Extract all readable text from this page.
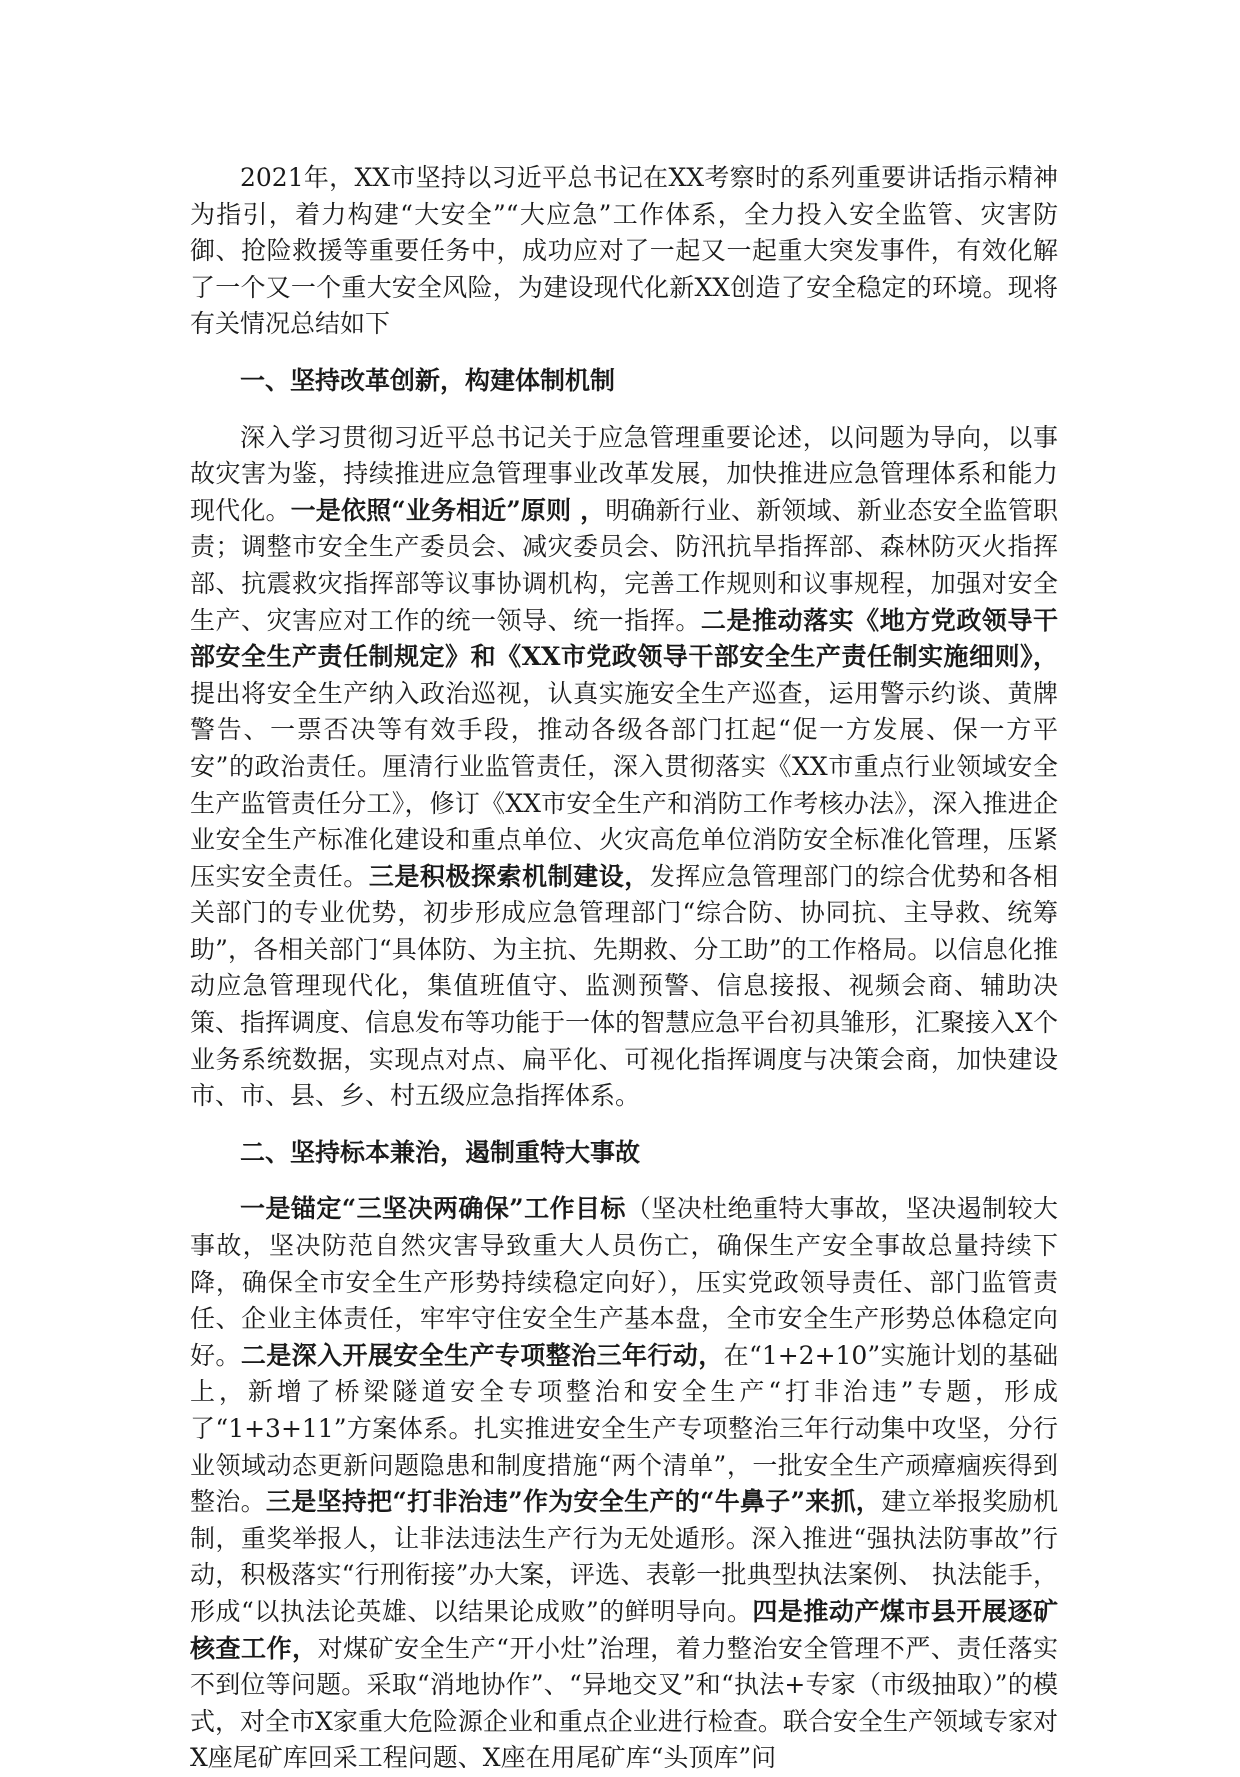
2021年，XX市坚持以习近平总书记在XX考察时的系列重要讲话指示精神为指引，着力构建“大安全”“大应急”工作体系，全力投入安全监管、灾害防御、抢险救援等重要任务中，成功应对了一起又一起重大突发事件，有效化解了一个又一个重大安全风险，为建设现代化新XX创造了安全稳定的环境。现将有关情况总结如下

一、坚持改革创新，构建体制机制

深入学习贯彻习近平总书记关于应急管理重要论述，以问题为导向，以事故灾害为鉴，持续推进应急管理事业改革发展，加快推进应急管理体系和能力现代化。一是依照“业务相近”原则 ，明确新行业、新领域、新业态安全监管职责；调整市安全生产委员会、减灾委员会、防汛抗旱指挥部、森林防灭火指挥部、抗震救灾指挥部等议事协调机构，完善工作规则和议事规程，加强对安全生产、灾害应对工作的统一领导、统一指挥。二是推动落实《地方党政领导干部安全生产责任制规定》和《XX市党政领导干部安全生产责任制实施细则》，提出将安全生产纳入政治巡视，认真实施安全生产巡查，运用警示约谈、黄牌警告、一票否决等有效手段，推动各级各部门扛起“促一方发展、保一方平安”的政治责任。厘清行业监管责任，深入贯彻落实《XX市重点行业领域安全生产监管责任分工》，修订《XX市安全生产和消防工作考核办法》，深入推进企业安全生产标准化建设和重点单位、火灾高危单位消防安全标准化管理，压紧压实安全责任。三是积极探索机制建设，发挥应急管理部门的综合优势和各相关部门的专业优势，初步形成应急管理部门“综合防、协同抗、主导救、统筹助”，各相关部门“具体防、为主抗、先期救、分工助”的工作格局。以信息化推动应急管理现代化，集值班值守、监测预警、信息接报、视频会商、辅助决策、指挥调度、信息发布等功能于一体的智慧应急平台初具雏形，汇聚接入X个业务系统数据，实现点对点、扁平化、可视化指挥调度与决策会商，加快建设市、市、县、乡、村五级应急指挥体系。

二、坚持标本兼治，遏制重特大事故

一是锚定“三坚决两确保”工作目标（坚决杜绝重特大事故，坚决遏制较大事故，坚决防范自然灾害导致重大人员伤亡，确保生产安全事故总量持续下降，确保全市安全生产形势持续稳定向好），压实党政领导责任、部门监管责任、企业主体责任，牢牢守住安全生产基本盘，全市安全生产形势总体稳定向好。二是深入开展安全生产专项整治三年行动，在“1+2+10”实施计划的基础上，新增了桥梁隧道安全专项整治和安全生产“打非治违”专题，形成了“1+3+11”方案体系。扎实推进安全生产专项整治三年行动集中攻坚，分行业领域动态更新问题隐患和制度措施“两个清单”，一批安全生产顽瘴痼疾得到整治。三是坚持把“打非治违”作为安全生产的“牛鼻子”来抓，建立举报奖励机制，重奖举报人，让非法违法生产行为无处遁形。深入推进“强执法防事故”行动，积极落实“行刑衔接”办大案，评选、表彰一批典型执法案例、 执法能手，形成“以执法论英雄、以结果论成败”的鲜明导向。四是推动产煤市县开展逐矿核查工作，对煤矿安全生产“开小灶”治理，着力整治安全管理不严、责任落实不到位等问题。采取“消地协作”、“异地交叉”和“执法+专家（市级抽取）”的模式，对全市X家重大危险源企业和重点企业进行检查。联合安全生产领域专家对X座尾矿库回采工程问题、X座在用尾矿库“头顶库”问
